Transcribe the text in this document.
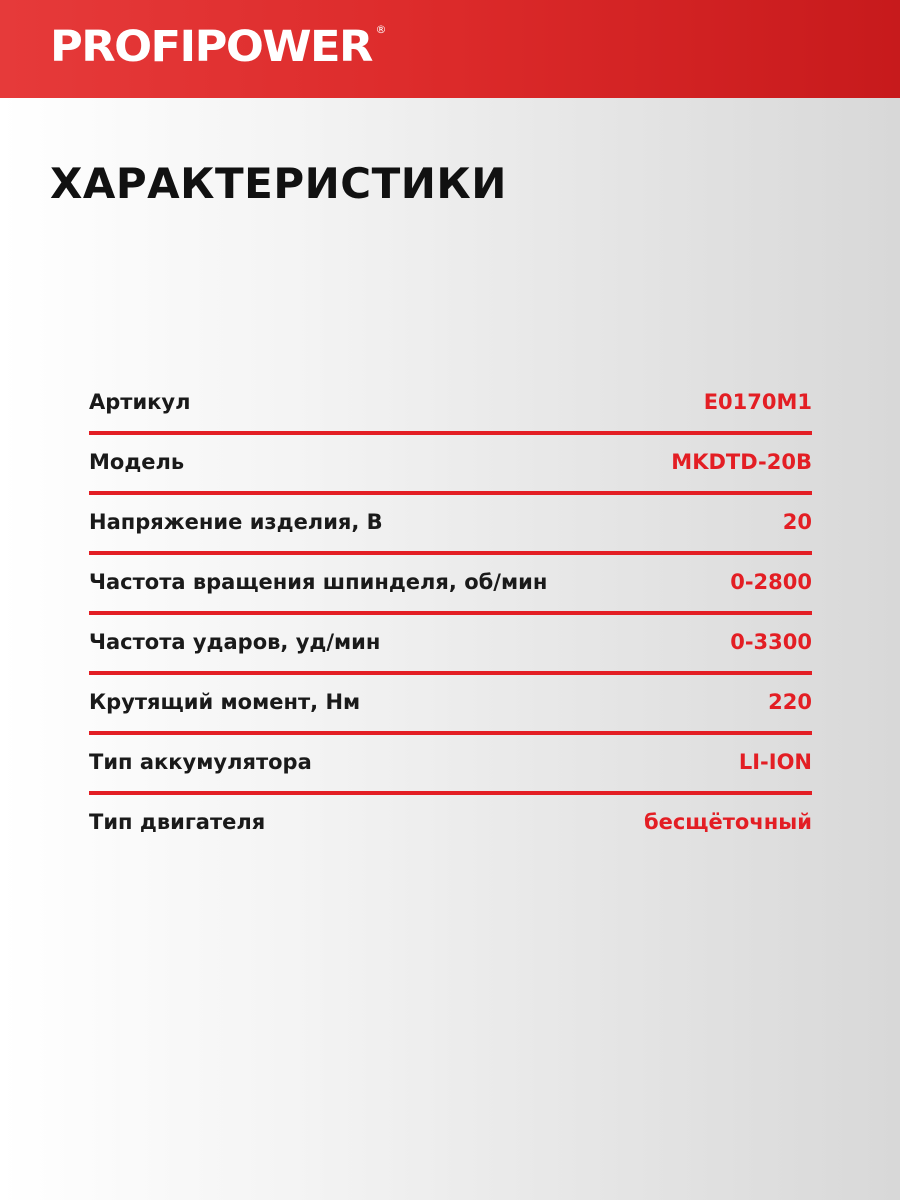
PROFIPOWER ®
ХАРАКТЕРИСТИКИ
Артикул	E0170M1
Модель	MKDTD-20B
Напряжение изделия, В	20
Частота вращения шпинделя, об/мин	0-2800
Частота ударов, уд/мин	0-3300
Крутящий момент, Нм	220
Тип аккумулятора	LI-ION
Тип двигателя	бесщёточный
